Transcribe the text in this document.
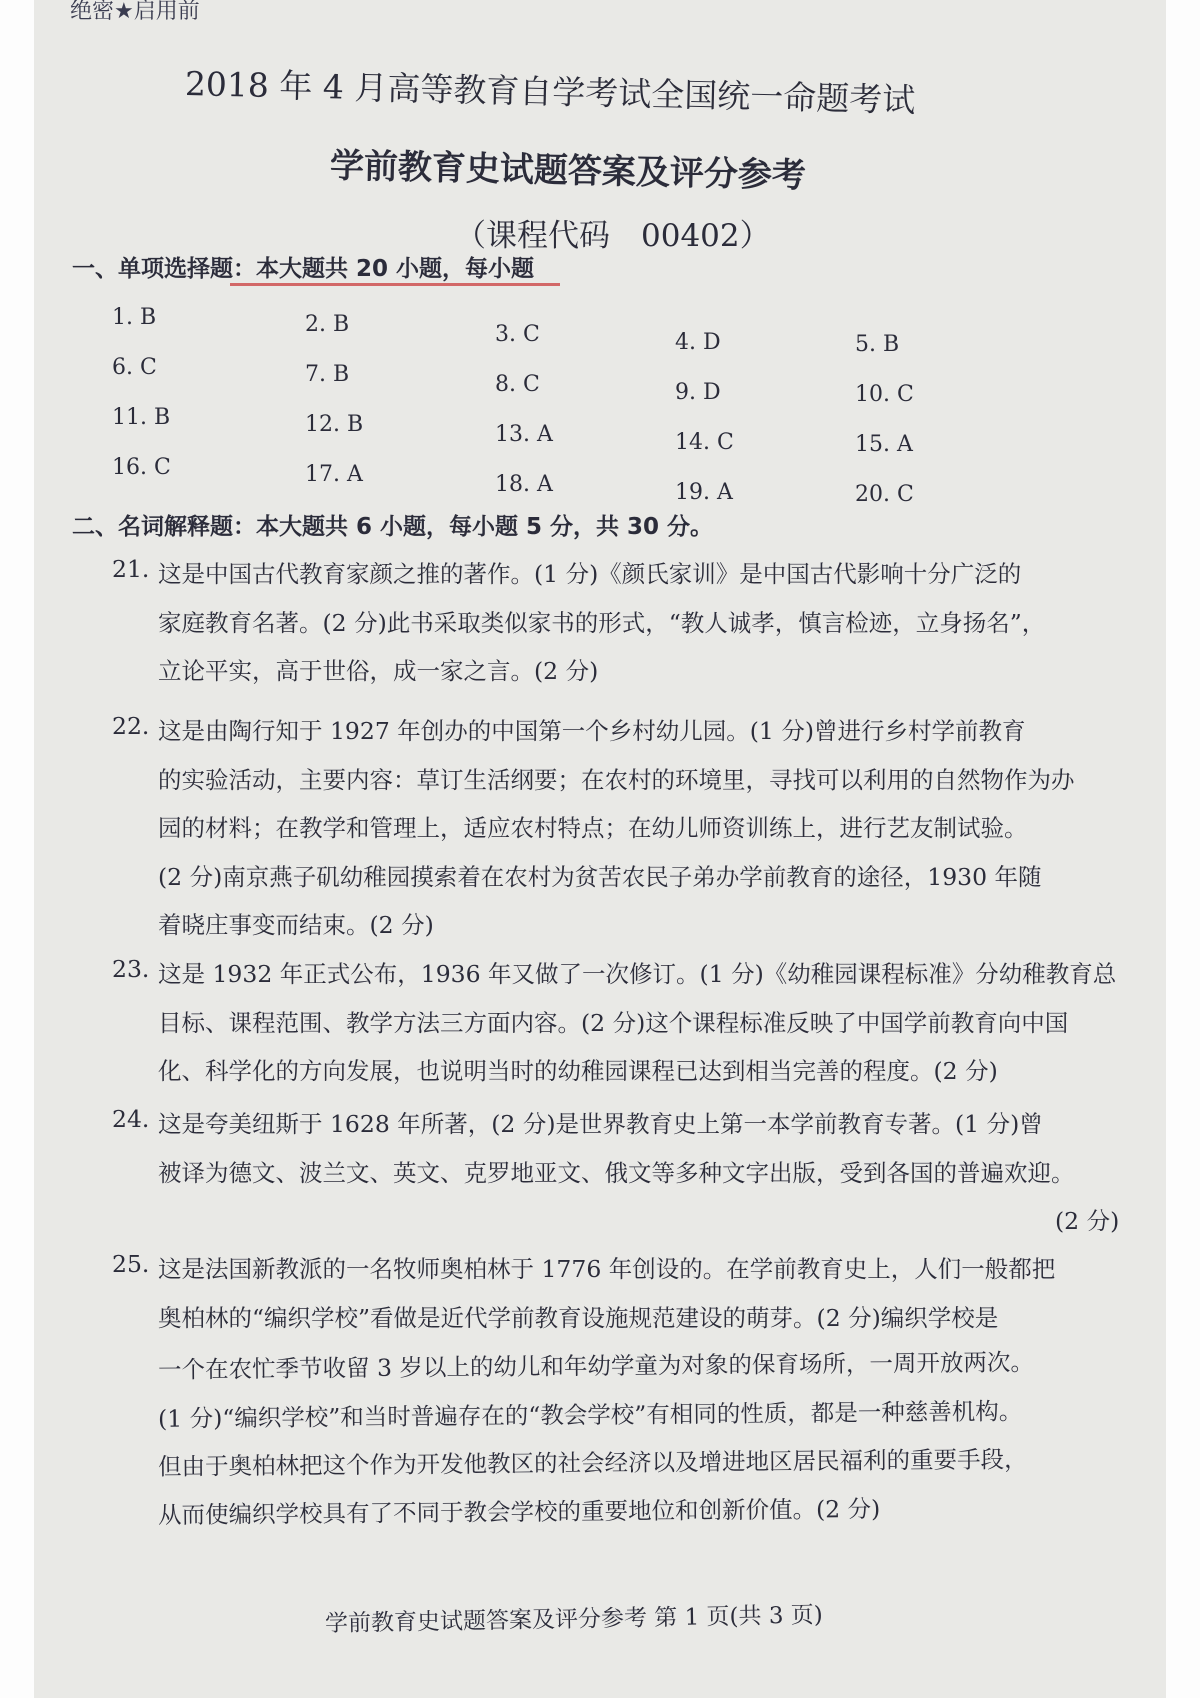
绝密★启用前
2018 年 4 月高等教育自学考试全国统一命题考试
学前教育史试题答案及评分参考
（课程代码　00402）
一、单项选择题：本大题共 20 小题，每小题
1. B	2. B	3. C	4. D	5. B
6. C	7. B	8. C	9. D	10. C
11. B	12. B	13. A	14. C	15. A
16. C	17. A	18. A	19. A	20. C
二、名词解释题：本大题共 6 小题，每小题 5 分，共 30 分。
21. 这是中国古代教育家颜之推的著作。(1 分)《颜氏家训》是中国古代影响十分广泛的
家庭教育名著。(2 分)此书采取类似家书的形式，“教人诚孝，慎言检迹，立身扬名”，
立论平实，高于世俗，成一家之言。(2 分)
22. 这是由陶行知于 1927 年创办的中国第一个乡村幼儿园。(1 分)曾进行乡村学前教育
的实验活动，主要内容：草订生活纲要；在农村的环境里，寻找可以利用的自然物作为办
园的材料；在教学和管理上，适应农村特点；在幼儿师资训练上，进行艺友制试验。
(2 分)南京燕子矶幼稚园摸索着在农村为贫苦农民子弟办学前教育的途径，1930 年随
着晓庄事变而结束。(2 分)
23. 这是 1932 年正式公布，1936 年又做了一次修订。(1 分)《幼稚园课程标准》分幼稚教育总
目标、课程范围、教学方法三方面内容。(2 分)这个课程标准反映了中国学前教育向中国
化、科学化的方向发展，也说明当时的幼稚园课程已达到相当完善的程度。(2 分)
24. 这是夸美纽斯于 1628 年所著，(2 分)是世界教育史上第一本学前教育专著。(1 分)曾
被译为德文、波兰文、英文、克罗地亚文、俄文等多种文字出版，受到各国的普遍欢迎。
(2 分)
25. 这是法国新教派的一名牧师奥柏林于 1776 年创设的。在学前教育史上，人们一般都把
奥柏林的“编织学校”看做是近代学前教育设施规范建设的萌芽。(2 分)编织学校是
一个在农忙季节收留 3 岁以上的幼儿和年幼学童为对象的保育场所，一周开放两次。
(1 分)“编织学校”和当时普遍存在的“教会学校”有相同的性质，都是一种慈善机构。
但由于奥柏林把这个作为开发他教区的社会经济以及增进地区居民福利的重要手段，
从而使编织学校具有了不同于教会学校的重要地位和创新价值。(2 分)
学前教育史试题答案及评分参考 第 1 页(共 3 页)
